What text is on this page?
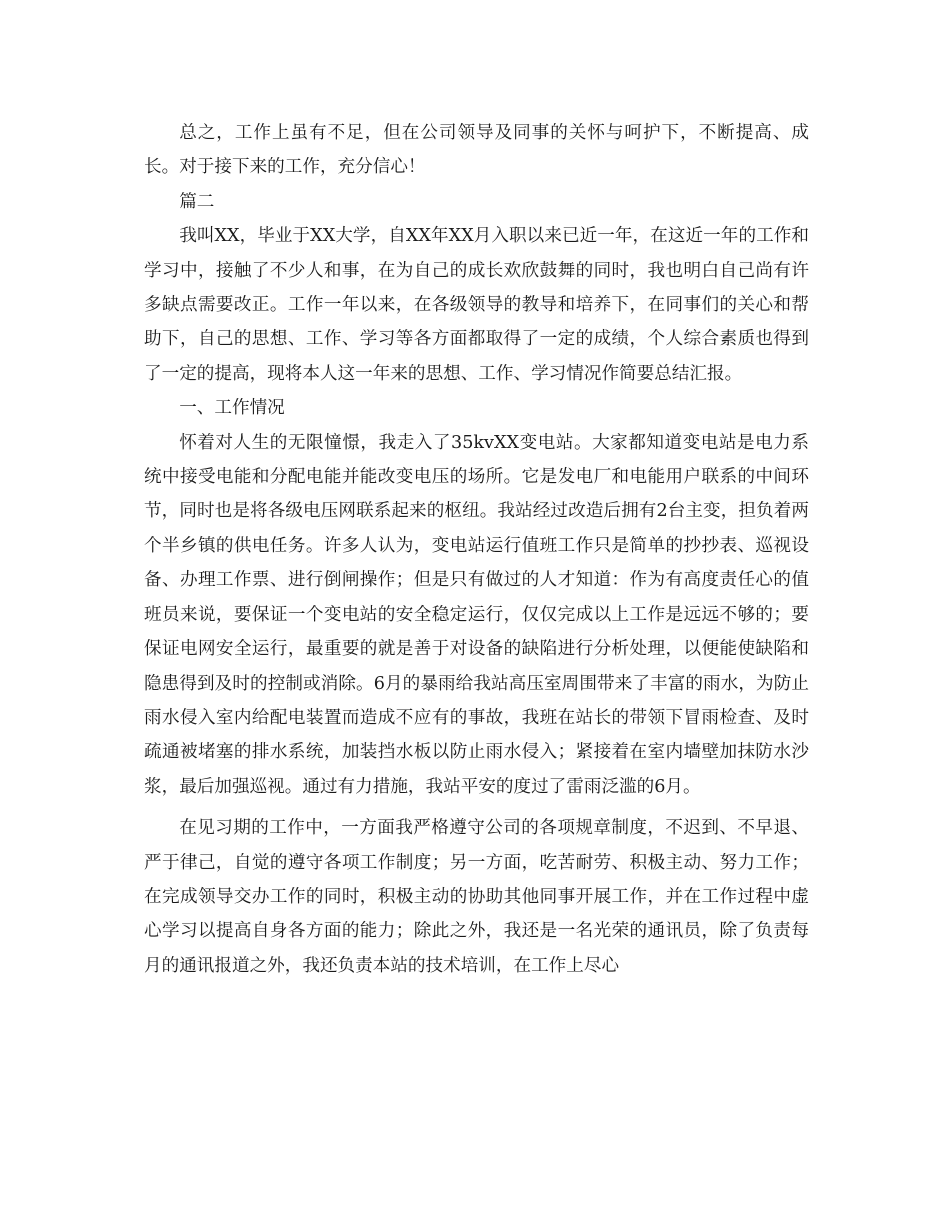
总之，工作上虽有不足，但在公司领导及同事的关怀与呵护下，不断提高、成长。对于接下来的工作，充分信心！

篇二

我叫XX，毕业于XX大学，自XX年XX月入职以来已近一年，在这近一年的工作和学习中，接触了不少人和事，在为自己的成长欢欣鼓舞的同时，我也明白自己尚有许多缺点需要改正。工作一年以来，在各级领导的教导和培养下，在同事们的关心和帮助下，自己的思想、工作、学习等各方面都取得了一定的成绩，个人综合素质也得到了一定的提高，现将本人这一年来的思想、工作、学习情况作简要总结汇报。

一、工作情况

怀着对人生的无限憧憬，我走入了35kvXX变电站。大家都知道变电站是电力系统中接受电能和分配电能并能改变电压的场所。它是发电厂和电能用户联系的中间环节，同时也是将各级电压网联系起来的枢纽。我站经过改造后拥有2台主变，担负着两个半乡镇的供电任务。许多人认为，变电站运行值班工作只是简单的抄抄表、巡视设备、办理工作票、进行倒闸操作；但是只有做过的人才知道：作为有高度责任心的值班员来说，要保证一个变电站的安全稳定运行，仅仅完成以上工作是远远不够的；要保证电网安全运行，最重要的就是善于对设备的缺陷进行分析处理，以便能使缺陷和隐患得到及时的控制或消除。6月的暴雨给我站高压室周围带来了丰富的雨水，为防止雨水侵入室内给配电装置而造成不应有的事故，我班在站长的带领下冒雨检查、及时疏通被堵塞的排水系统，加装挡水板以防止雨水侵入；紧接着在室内墙壁加抹防水沙浆，最后加强巡视。通过有力措施，我站平安的度过了雷雨泛滥的6月。

在见习期的工作中，一方面我严格遵守公司的各项规章制度，不迟到、不早退、严于律己，自觉的遵守各项工作制度；另一方面，吃苦耐劳、积极主动、努力工作；在完成领导交办工作的同时，积极主动的协助其他同事开展工作，并在工作过程中虚心学习以提高自身各方面的能力；除此之外，我还是一名光荣的通讯员，除了负责每月的通讯报道之外，我还负责本站的技术培训，在工作上尽心
